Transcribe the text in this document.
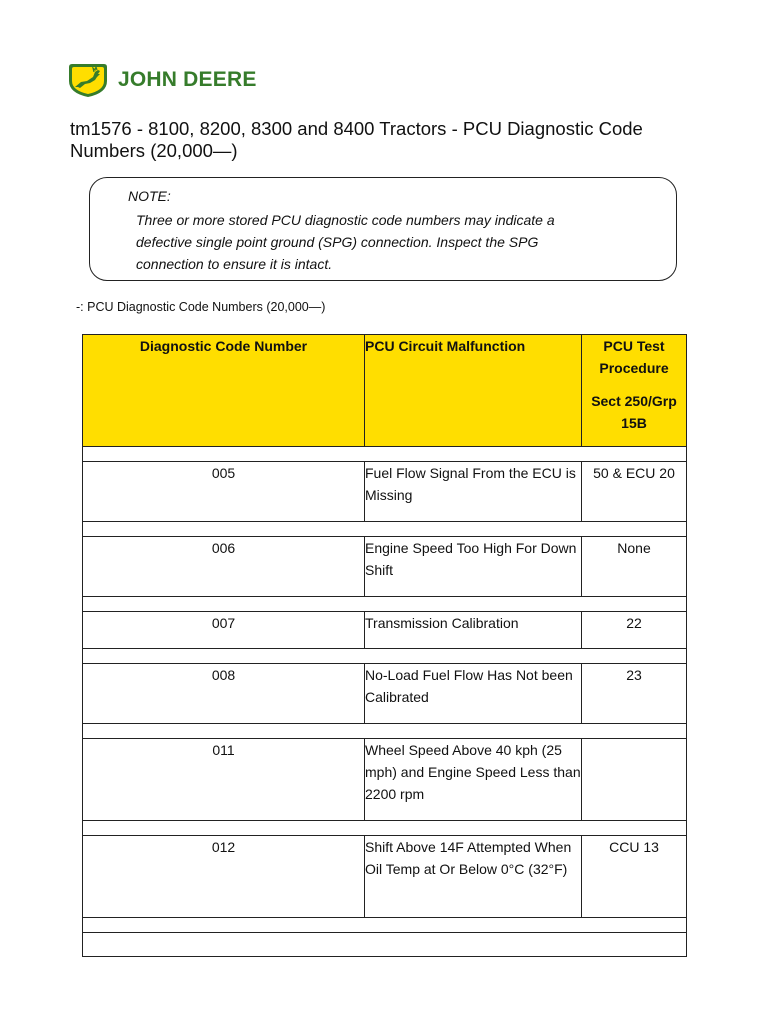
JOHN DEERE
tm1576 - 8100, 8200, 8300 and 8400 Tractors - PCU Diagnostic Code Numbers (20,000—)
NOTE:
Three or more stored PCU diagnostic code numbers may indicate a defective single point ground (SPG) connection. Inspect the SPG connection to ensure it is intact.
-: PCU Diagnostic Code Numbers (20,000—)
Diagnostic Code Number	PCU Circuit Malfunction	PCU Test Procedure
Sect 250/Grp 15B

005	Fuel Flow Signal From the ECU is Missing	50 & ECU 20

006	Engine Speed Too High For Down Shift	None

007	Transmission Calibration	22

008	No-Load Fuel Flow Has Not been Calibrated	23

011	Wheel Speed Above 40 kph (25 mph) and Engine Speed Less than 2200 rpm	

012	Shift Above 14F Attempted When Oil Temp at Or Below 0°C (32°F)	CCU 13
